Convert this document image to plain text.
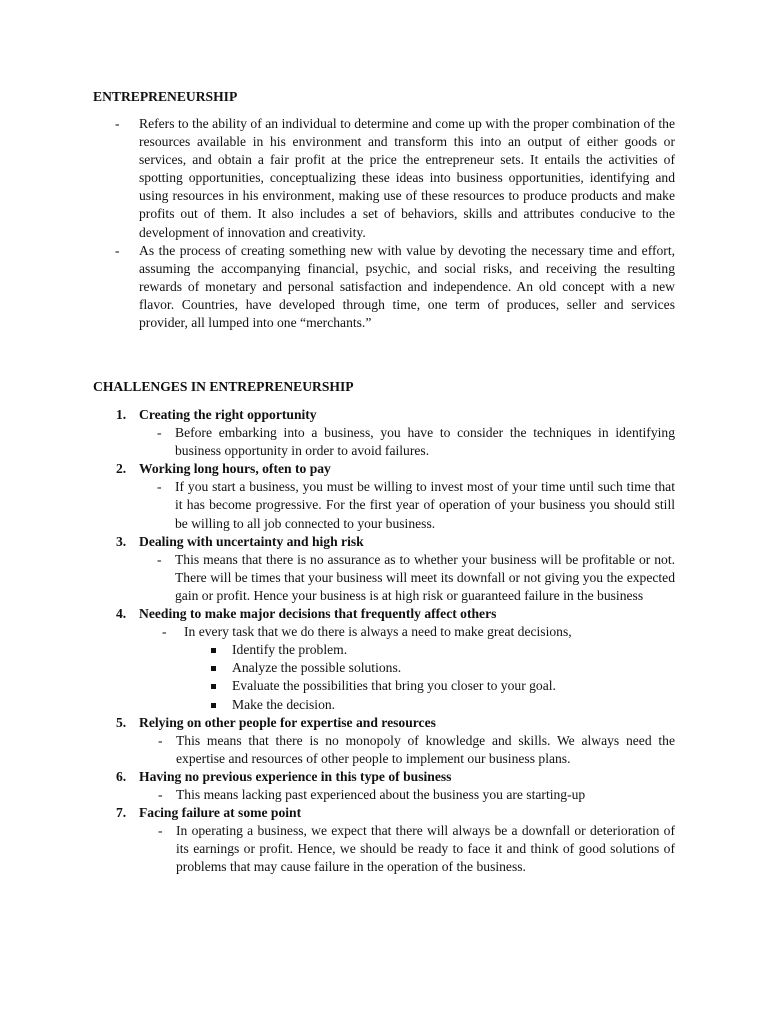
ENTREPRENEURSHIP
- Refers to the ability of an individual to determine and come up with the proper combination of the resources available in his environment and transform this into an output of either goods or services, and obtain a fair profit at the price the entrepreneur sets. It entails the activities of spotting opportunities, conceptualizing these ideas into business opportunities, identifying and using resources in his environment, making use of these resources to produce products and make profits out of them. It also includes a set of behaviors, skills and attributes conducive to the development of innovation and creativity.
- As the process of creating something new with value by devoting the necessary time and effort, assuming the accompanying financial, psychic, and social risks, and receiving the resulting rewards of monetary and personal satisfaction and independence. An old concept with a new flavor. Countries, have developed through time, one term of produces, seller and services provider, all lumped into one “merchants.”
CHALLENGES IN ENTREPRENEURSHIP
1. Creating the right opportunity
- Before embarking into a business, you have to consider the techniques in identifying business opportunity in order to avoid failures.
2. Working long hours, often to pay
- If you start a business, you must be willing to invest most of your time until such time that it has become progressive. For the first year of operation of your business you should still be willing to all job connected to your business.
3. Dealing with uncertainty and high risk
- This means that there is no assurance as to whether your business will be profitable or not. There will be times that your business will meet its downfall or not giving you the expected gain or profit. Hence your business is at high risk or guaranteed failure in the business
4. Needing to make major decisions that frequently affect others
- In every task that we do there is always a need to make great decisions,
Identify the problem.
Analyze the possible solutions.
Evaluate the possibilities that bring you closer to your goal.
Make the decision.
5. Relying on other people for expertise and resources
- This means that there is no monopoly of knowledge and skills. We always need the expertise and resources of other people to implement our business plans.
6. Having no previous experience in this type of business
- This means lacking past experienced about the business you are starting-up
7. Facing failure at some point
- In operating a business, we expect that there will always be a downfall or deterioration of its earnings or profit. Hence, we should be ready to face it and think of good solutions of problems that may cause failure in the operation of the business.
